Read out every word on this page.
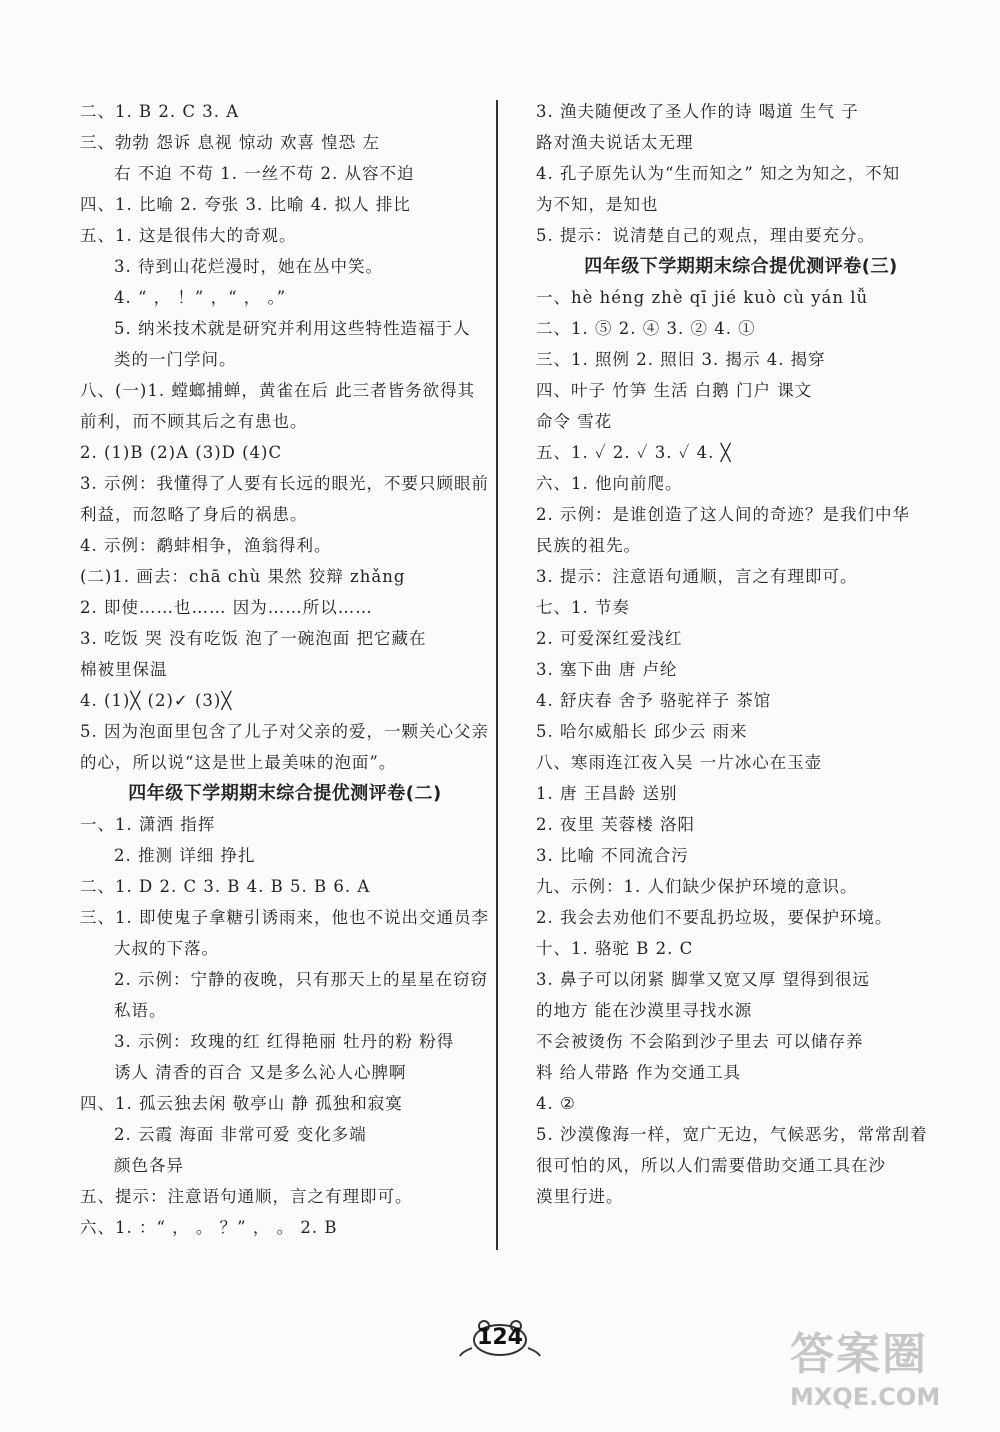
二、1. B 2. C 3. A
三、勃勃 怨诉 息视 惊动 欢喜 惶恐 左
右 不迫 不苟 1. 一丝不苟 2. 从容不迫
四、1. 比喻 2. 夸张 3. 比喻 4. 拟人 排比
五、1. 这是很伟大的奇观。
3. 待到山花烂漫时，她在丛中笑。
4. “ ， ！” ，“ ， 。”
5. 纳米技术就是研究并利用这些特性造福于人
类的一门学问。
八、(一)1. 螳螂捕蝉，黄雀在后 此三者皆务欲得其
前利，而不顾其后之有患也。
2. (1)B (2)A (3)D (4)C
3. 示例：我懂得了人要有长远的眼光，不要只顾眼前
利益，而忽略了身后的祸患。
4. 示例：鹬蚌相争，渔翁得利。
(二)1. 画去：chā chù 果然 狡辩 zhǎng
2. 即使……也…… 因为……所以……
3. 吃饭 哭 没有吃饭 泡了一碗泡面 把它藏在
棉被里保温
4. (1)╳ (2)✓ (3)╳
5. 因为泡面里包含了儿子对父亲的爱，一颗关心父亲
的心，所以说“这是世上最美味的泡面”。
四年级下学期期末综合提优测评卷(二)
一、1. 潇洒 指挥
2. 推测 详细 挣扎
二、1. D 2. C 3. B 4. B 5. B 6. A
三、1. 即使鬼子拿糖引诱雨来，他也不说出交通员李
大叔的下落。
2. 示例：宁静的夜晚，只有那天上的星星在窃窃
私语。
3. 示例：玫瑰的红 红得艳丽 牡丹的粉 粉得
诱人 清香的百合 又是多么沁人心脾啊
四、1. 孤云独去闲 敬亭山 静 孤独和寂寞
2. 云霞 海面 非常可爱 变化多端
颜色各异
五、提示：注意语句通顺，言之有理即可。
六、1. ：“ ， 。 ？” ， 。 2. B
3. 渔夫随便改了圣人作的诗 喝道 生气 子
路对渔夫说话太无理
4. 孔子原先认为“生而知之” 知之为知之，不知
为不知，是知也
5. 提示：说清楚自己的观点，理由要充分。
四年级下学期期末综合提优测评卷(三)
一、hè héng zhè qī jié kuò cù yán lǚ
二、1. ⑤ 2. ④ 3. ② 4. ①
三、1. 照例 2. 照旧 3. 揭示 4. 揭穿
四、叶子 竹笋 生活 白鹅 门户 课文
命令 雪花
五、1. ✓ 2. ✓ 3. ✓ 4. ╳
六、1. 他向前爬。
2. 示例：是谁创造了这人间的奇迹？是我们中华
民族的祖先。
3. 提示：注意语句通顺，言之有理即可。
七、1. 节奏
2. 可爱深红爱浅红
3. 塞下曲 唐 卢纶
4. 舒庆春 舍予 骆驼祥子 茶馆
5. 哈尔威船长 邱少云 雨来
八、寒雨连江夜入吴 一片冰心在玉壶
1. 唐 王昌龄 送别
2. 夜里 芙蓉楼 洛阳
3. 比喻 不同流合污
九、示例：1. 人们缺少保护环境的意识。
2. 我会去劝他们不要乱扔垃圾，要保护环境。
十、1. 骆驼 B 2. C
3. 鼻子可以闭紧 脚掌又宽又厚 望得到很远
的地方 能在沙漠里寻找水源
不会被烫伤 不会陷到沙子里去 可以储存养
料 给人带路 作为交通工具
4. ②
5. 沙漠像海一样，宽广无边，气候恶劣，常常刮着
很可怕的风，所以人们需要借助交通工具在沙
漠里行进。
124	答案圈
MXQE.COM
